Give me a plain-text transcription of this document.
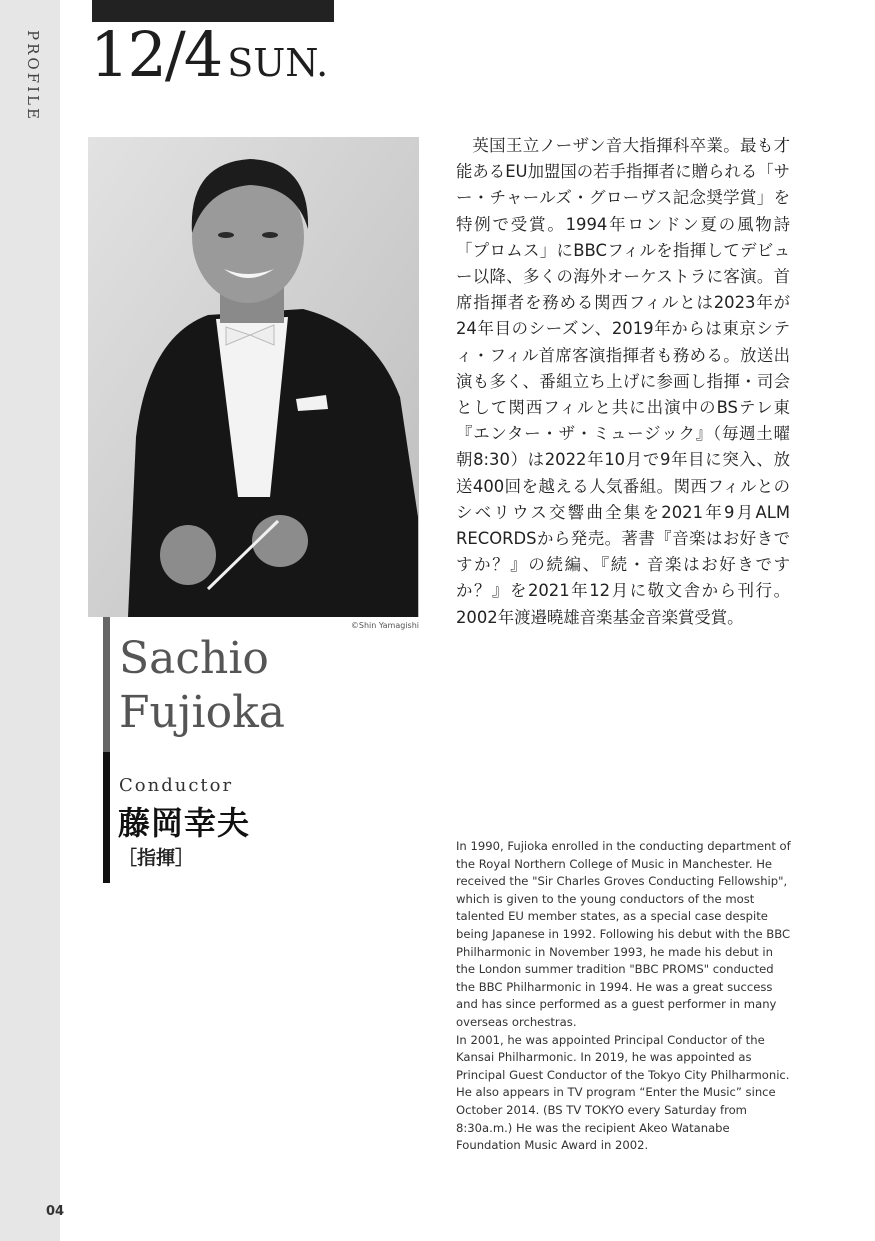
PROFILE
04
12/4 SUN.
©Shin Yamagishi
Sachio
Fujioka
Conductor
藤岡幸夫
［指揮］

英国王立ノーザン音大指揮科卒業。最も才能あるEU加盟国の若手指揮者に贈られる「サー・チャールズ・グローヴス記念奨学賞」を特例で受賞。1994年ロンドン夏の風物詩「プロムス」にBBCフィルを指揮してデビュー以降、多くの海外オーケストラに客演。首席指揮者を務める関西フィルとは2023年が24年目のシーズン、2019年からは東京シティ・フィル首席客演指揮者も務める。放送出演も多く、番組立ち上げに参画し指揮・司会として関西フィルと共に出演中のBSテレ東『エンター・ザ・ミュージック』（毎週土曜朝8:30）は2022年10月で9年目に突入、放送400回を越える人気番組。関西フィルとのシベリウス交響曲全集を2021年9月ALM RECORDSから発売。著書『音楽はお好きですか？』の続編、『続・音楽はお好きですか？』を2021年12月に敬文舎から刊行。2002年渡邉曉雄音楽基金音楽賞受賞。

In 1990, Fujioka enrolled in the conducting department of the Royal Northern College of Music in Manchester. He received the "Sir Charles Groves Conducting Fellowship", which is given to the young conductors of the most talented EU member states, as a special case despite being Japanese in 1992. Following his debut with the BBC Philharmonic in November 1993, he made his debut in the London summer tradition "BBC PROMS" conducted the BBC Philharmonic in 1994. He was a great success and has since performed as a guest performer in many overseas orchestras.
In 2001, he was appointed Principal Conductor of the Kansai Philharmonic. In 2019, he was appointed as Principal Guest Conductor of the Tokyo City Philharmonic. He also appears in TV program “Enter the Music” since October 2014. (BS TV TOKYO every Saturday from 8:30a.m.) He was the recipient Akeo Watanabe Foundation Music Award in 2002.
